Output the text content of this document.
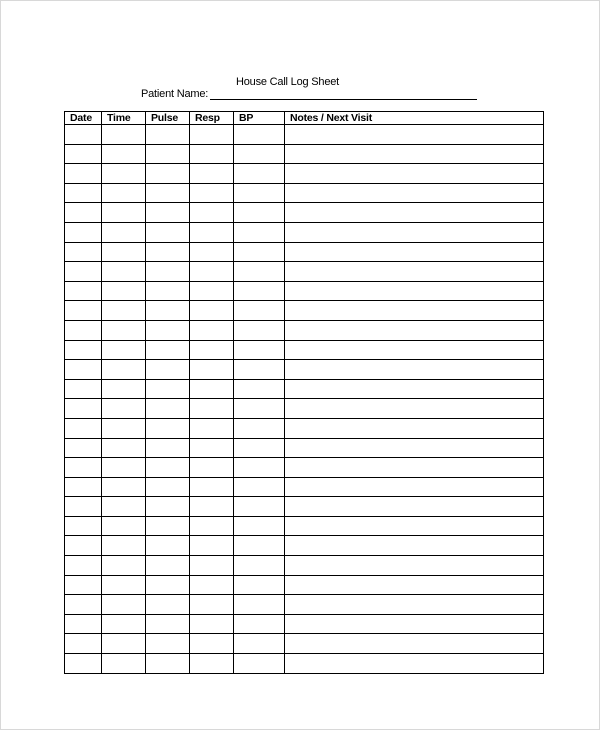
House Call Log Sheet
Patient Name:
Date	Time	Pulse	Resp	BP	Notes / Next Visit
